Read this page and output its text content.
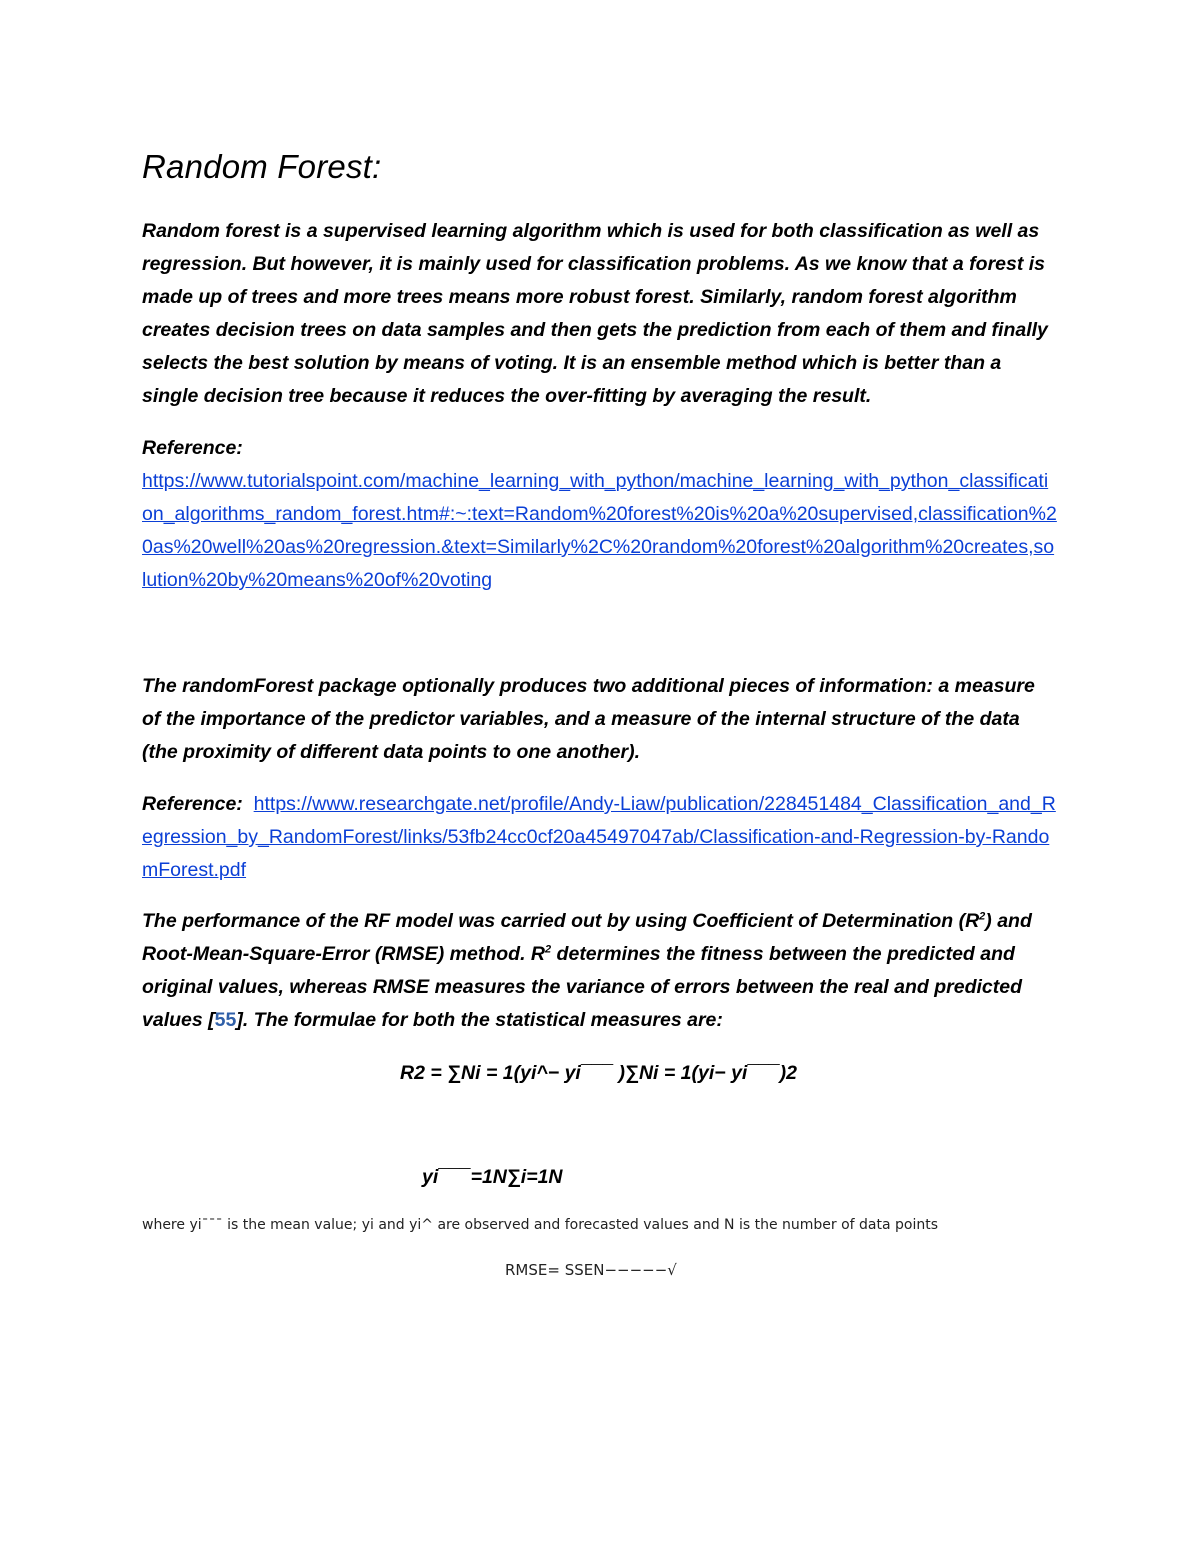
Random Forest:

Random forest is a supervised learning algorithm which is used for both classification as well as regression. But however, it is mainly used for classification problems. As we know that a forest is made up of trees and more trees means more robust forest. Similarly, random forest algorithm creates decision trees on data samples and then gets the prediction from each of them and finally selects the best solution by means of voting. It is an ensemble method which is better than a single decision tree because it reduces the over-fitting by averaging the result.

Reference:
https://www.tutorialspoint.com/machine_learning_with_python/machine_learning_with_python_classification_algorithms_random_forest.htm#:~:text=Random%20forest%20is%20a%20supervised,classification%20as%20well%20as%20regression.&text=Similarly%2C%20random%20forest%20algorithm%20creates,solution%20by%20means%20of%20voting

The randomForest package optionally produces two additional pieces of information: a measure of the importance of the predictor variables, and a measure of the internal structure of the data (the proximity of different data points to one another).

Reference: https://www.researchgate.net/profile/Andy-Liaw/publication/228451484_Classification_and_Regression_by_RandomForest/links/53fb24cc0cf20a45497047ab/Classification-and-Regression-by-RandomForest.pdf

The performance of the RF model was carried out by using Coefficient of Determination $(R^2)$ and Root-Mean-Square-Error (RMSE) method. $R^2$ determines the fitness between the predicted and original values, whereas RMSE measures the variance of errors between the real and predicted values [55]. The formulae for both the statistical measures are:

R2 = ∑Ni = 1(yi^− yi¯¯¯ )∑Ni = 1(yi− yi¯¯¯)2

yi¯¯¯=1N∑i=1N

where yi¯¯¯ is the mean value; yi and yi^ are observed and forecasted values and Ν is the number of data points

RMSE= SSEN−−−−−√
